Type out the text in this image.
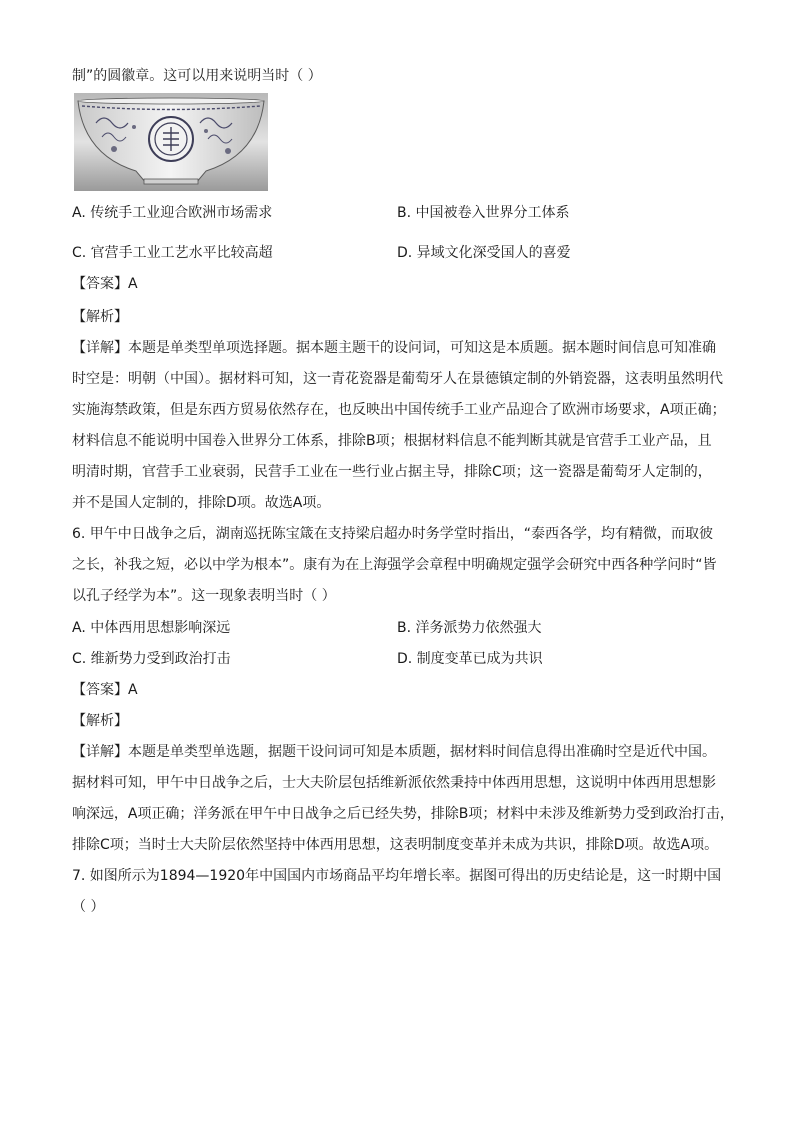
制”的圆徽章。这可以用来说明当时（ ）
A. 传统手工业迎合欧洲市场需求	B. 中国被卷入世界分工体系
C. 官营手工业工艺水平比较高超	D. 异域文化深受国人的喜爱
【答案】A
【解析】
【详解】本题是单类型单项选择题。据本题主题干的设问词，可知这是本质题。据本题时间信息可知准确
时空是：明朝（中国）。据材料可知，这一青花瓷器是葡萄牙人在景德镇定制的外销瓷器，这表明虽然明代
实施海禁政策，但是东西方贸易依然存在，也反映出中国传统手工业产品迎合了欧洲市场要求，A项正确；
材料信息不能说明中国卷入世界分工体系，排除B项；根据材料信息不能判断其就是官营手工业产品，且
明清时期，官营手工业衰弱，民营手工业在一些行业占据主导，排除C项；这一瓷器是葡萄牙人定制的，
并不是国人定制的，排除D项。故选A项。
6. 甲午中日战争之后，湖南巡抚陈宝箴在支持梁启超办时务学堂时指出，“泰西各学，均有精微，而取彼
之长，补我之短，必以中学为根本”。康有为在上海强学会章程中明确规定强学会研究中西各种学问时“皆
以孔子经学为本”。这一现象表明当时（ ）
A. 中体西用思想影响深远	B. 洋务派势力依然强大
C. 维新势力受到政治打击	D. 制度变革已成为共识
【答案】A
【解析】
【详解】本题是单类型单选题，据题干设问词可知是本质题，据材料时间信息得出准确时空是近代中国。
据材料可知，甲午中日战争之后，士大夫阶层包括维新派依然秉持中体西用思想，这说明中体西用思想影
响深远，A项正确；洋务派在甲午中日战争之后已经失势，排除B项；材料中未涉及维新势力受到政治打击，
排除C项；当时士大夫阶层依然坚持中体西用思想，这表明制度变革并未成为共识，排除D项。故选A项。
7. 如图所示为1894—1920年中国国内市场商品平均年增长率。据图可得出的历史结论是，这一时期中国
（ ）
